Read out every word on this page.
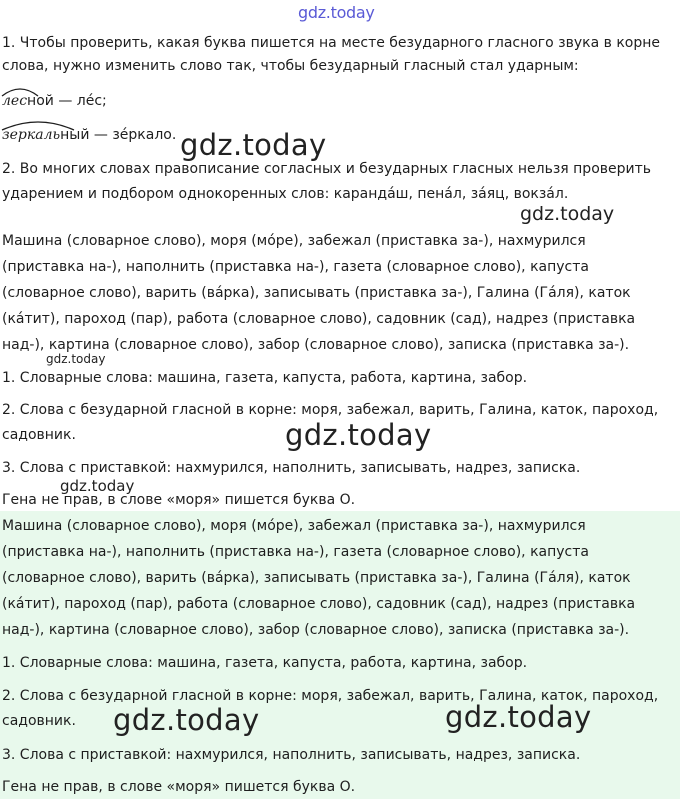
gdz.today
gdz.today
gdz.today
gdz.today
gdz.today
gdz.today
1. Чтобы проверить, какая буква пишется на месте безударного гласного звука в корне
слова, нужно изменить слово так, чтобы безударный гласный стал ударным:
лесной — лéс;
зеркальный — зéркало.
2. Во многих словах правописание согласных и безударных гласных нельзя проверить
ударением и подбором однокоренных слов: карандáш, пенáл, зáяц, вокзáл.
Машина (словарное слово), моря (мóре), забежал (приставка за-), нахмурился
(приставка на-), наполнить (приставка на-), газета (словарное слово), капуста
(словарное слово), варить (вáрка), записывать (приставка за-), Галина (Гáля), каток
(кáтит), пароход (пар), работа (словарное слово), садовник (сад), надрез (приставка
над-), картина (словарное слово), забор (словарное слово), записка (приставка за-).
1. Словарные слова: машина, газета, капуста, работа, картина, забор.
2. Слова с безударной гласной в корне: моря, забежал, варить, Галина, каток, пароход,
садовник.
3. Слова с приставкой: нахмурился, наполнить, записывать, надрез, записка.
Гена не прав, в слове «моря» пишется буква О.
Машина (словарное слово), моря (мóре), забежал (приставка за-), нахмурился
(приставка на-), наполнить (приставка на-), газета (словарное слово), капуста
(словарное слово), варить (вáрка), записывать (приставка за-), Галина (Гáля), каток
(кáтит), пароход (пар), работа (словарное слово), садовник (сад), надрез (приставка
над-), картина (словарное слово), забор (словарное слово), записка (приставка за-).
1. Словарные слова: машина, газета, капуста, работа, картина, забор.
2. Слова с безударной гласной в корне: моря, забежал, варить, Галина, каток, пароход,
садовник.
3. Слова с приставкой: нахмурился, наполнить, записывать, надрез, записка.
Гена не прав, в слове «моря» пишется буква О.
gdz.today	gdz.today
